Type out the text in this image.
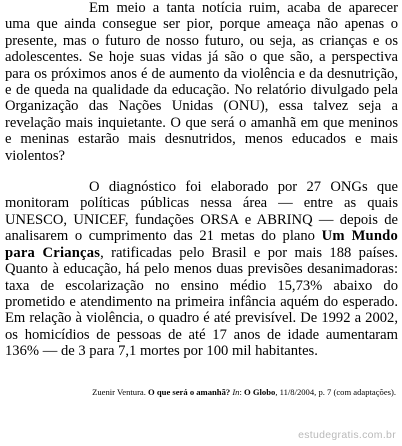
Em meio a tanta notícia ruim, acaba de aparecer uma que ainda consegue ser pior, porque ameaça não apenas o presente, mas o futuro de nosso futuro, ou seja, as crianças e os adolescentes. Se hoje suas vidas já são o que são, a perspectiva para os próximos anos é de aumento da violência e da desnutrição, e de queda na qualidade da educação. No relatório divulgado pela Organização das Nações Unidas (ONU), essa talvez seja a revelação mais inquietante. O que será o amanhã em que meninos e meninas estarão mais desnutridos, menos educados e mais violentos?

O diagnóstico foi elaborado por 27 ONGs que monitoram políticas públicas nessa área — entre as quais UNESCO, UNICEF, fundações ORSA e ABRINQ — depois de analisarem o cumprimento das 21 metas do plano Um Mundo para Crianças, ratificadas pelo Brasil e por mais 188 países. Quanto à educação, há pelo menos duas previsões desanimadoras: taxa de escolarização no ensino médio 15,73% abaixo do prometido e atendimento na primeira infância aquém do esperado. Em relação à violência, o quadro é até previsível. De 1992 a 2002, os homicídios de pessoas de até 17 anos de idade aumentaram 136% — de 3 para 7,1 mortes por 100 mil habitantes.

Zuenir Ventura. O que será o amanhã? In: O Globo, 11/8/2004, p. 7 (com adaptações).
estudegratis.com.br
